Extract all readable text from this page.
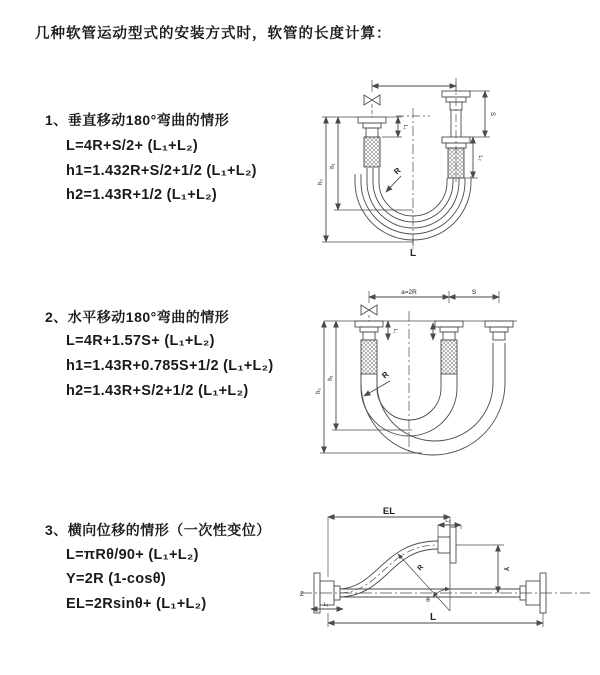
几种软管运动型式的安装方式时，软管的长度计算：
1、垂直移动180°弯曲的情形
L=4R+S/2+ (L₁+L₂)
h1=1.432R+S/2+1/2 (L₁+L₂)
h2=1.43R+1/2 (L₁+L₂)
2、水平移动180°弯曲的情形
L=4R+1.57S+ (L₁+L₂)
h1=1.43R+0.785S+1/2 (L₁+L₂)
h2=1.43R+S/2+1/2 (L₁+L₂)
3、横向位移的情形（一次性变位）
L=πRθ/90+ (L₁+L₂)
Y=2R (1-cosθ)
EL=2Rsinθ+ (L₁+L₂)
L₁
S
L₂
h₁
h₂
R
L
a=2R	S
L₁
h₁
h₂
R
Z
EL
L₂
Y
R
θ
L₁
L
